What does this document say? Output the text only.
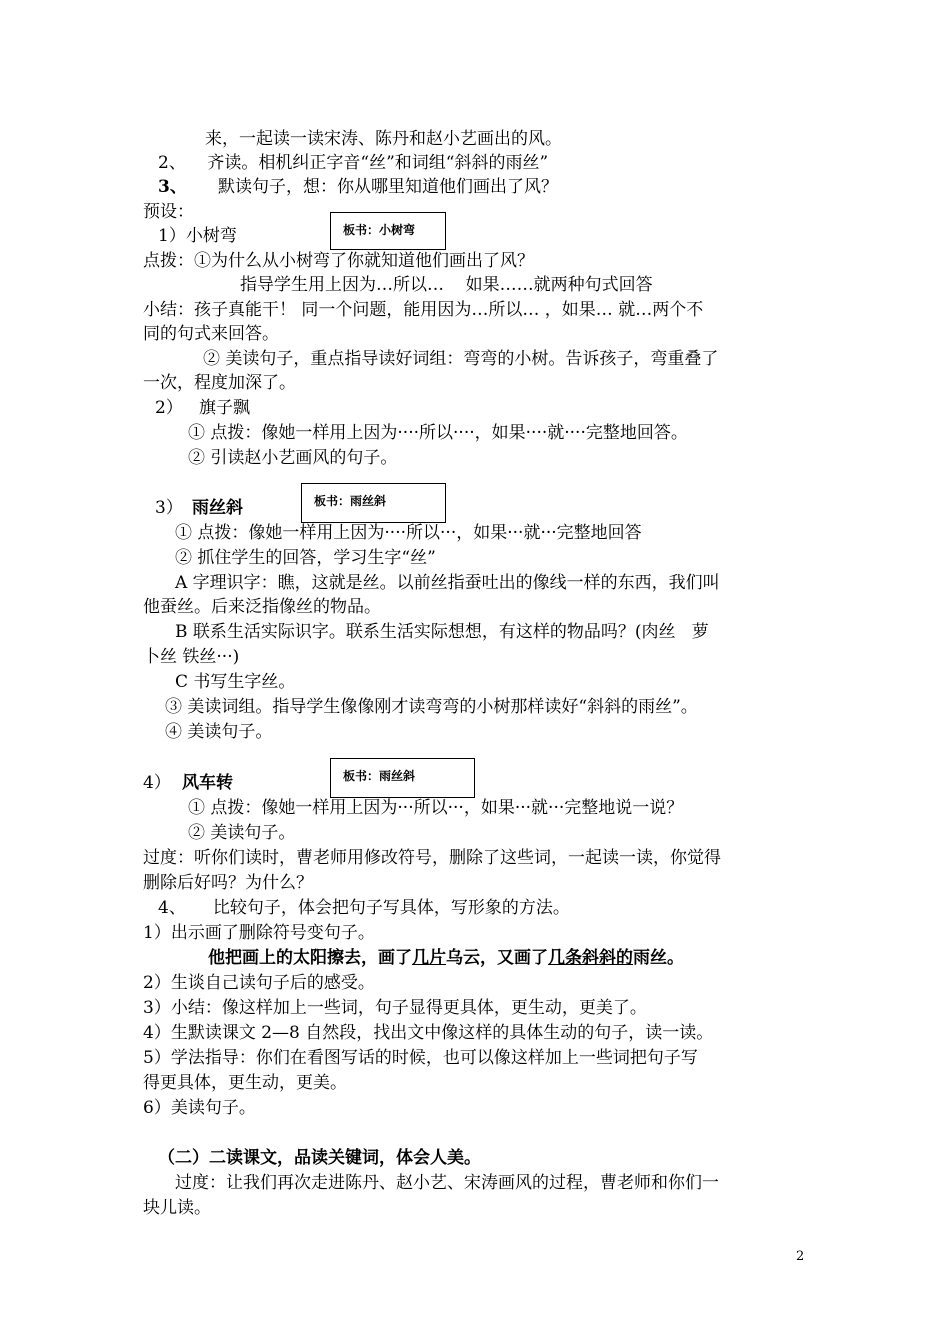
来，一起读一读宋涛、陈丹和赵小艺画出的风。
2、    齐读。相机纠正字音“丝”和词组“斜斜的雨丝”
3、 默读句子，想：你从哪里知道他们画出了风？
预设：
1）小树弯	板书：小树弯
点拨：①为什么从小树弯了你就知道他们画出了风？
指导学生用上因为…所以…    如果……就两种句式回答
小结：孩子真能干！ 同一个问题，能用因为…所以… ，如果… 就…两个不
同的句式来回答。
② 美读句子，重点指导读好词组：弯弯的小树。告诉孩子，弯重叠了
一次，程度加深了。
2）   旗子飘
① 点拨：像她一样用上因为····所以····，如果····就····完整地回答。
② 引读赵小艺画风的句子。
板书：雨丝斜
3） 雨丝斜
① 点拨：像她一样用上因为····所以···，如果···就···完整地回答
② 抓住学生的回答，学习生字“丝”
A 字理识字：瞧，这就是丝。以前丝指蚕吐出的像线一样的东西，我们叫
他蚕丝。后来泛指像丝的物品。
B 联系生活实际识字。联系生活实际想想，有这样的物品吗？(肉丝   萝
卜丝 铁丝···)
C 书写生字丝。
③ 美读词组。指导学生像像刚才读弯弯的小树那样读好“斜斜的雨丝”。
④ 美读句子。
板书：雨丝斜
4） 风车转
① 点拨：像她一样用上因为···所以···，如果···就···完整地说一说？
② 美读句子。
过度：听你们读时，曹老师用修改符号，删除了这些词，一起读一读，你觉得
删除后好吗？为什么？
4、     比较句子，体会把句子写具体，写形象的方法。
1）出示画了删除符号变句子。
他把画上的太阳擦去，画了几片乌云，又画了几条斜斜的雨丝。
2）生谈自己读句子后的感受。
3）小结：像这样加上一些词，句子显得更具体，更生动，更美了。
4）生默读课文 2—8 自然段，找出文中像这样的具体生动的句子，读一读。
5）学法指导：你们在看图写话的时候，也可以像这样加上一些词把句子写
得更具体，更生动，更美。
6）美读句子。
（二）二读课文，品读关键词，体会人美。
过度：让我们再次走进陈丹、赵小艺、宋涛画风的过程，曹老师和你们一
块儿读。
2
